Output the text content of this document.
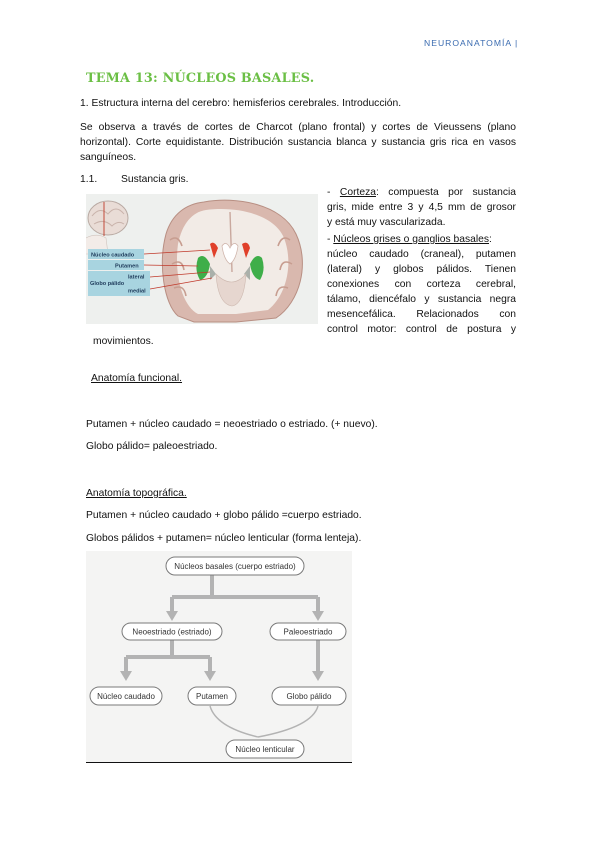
NEUROANATOMÍA |
TEMA 13: NÚCLEOS BASALES.
1. Estructura interna del cerebro: hemisferios cerebrales. Introducción.
Se observa a través de cortes de Charcot (plano frontal) y cortes de Vieussens (plano
horizontal). Corte equidistante. Distribución sustancia blanca y sustancia gris rica en vasos
sanguíneos.
1.1. Sustancia gris.
Núcleo caudado
Putamen
lateral
Globo pálido
medial
- Corteza: compuesta por sustancia
gris, mide entre 3 y 4,5 mm de grosor
y está muy vascularizada.
- Núcleos grises o ganglios basales:
núcleo caudado (craneal), putamen
(lateral) y globos pálidos. Tienen
conexiones con corteza cerebral,
tálamo, diencéfalo y sustancia negra
mesencefálica. Relacionados con
control motor: control de postura y
movimientos.
Anatomía funcional.
Putamen + núcleo caudado = neoestriado o estriado. (+ nuevo).
Globo pálido= paleoestriado.
Anatomía topográfica.
Putamen + núcleo caudado + globo pálido =cuerpo estriado.
Globos pálidos + putamen= núcleo lenticular (forma lenteja).
Núcleos basales (cuerpo estriado)
Neoestriado (estriado)	Paleoestriado
Núcleo caudado	Putamen	Globo pálido
Núcleo lenticular
